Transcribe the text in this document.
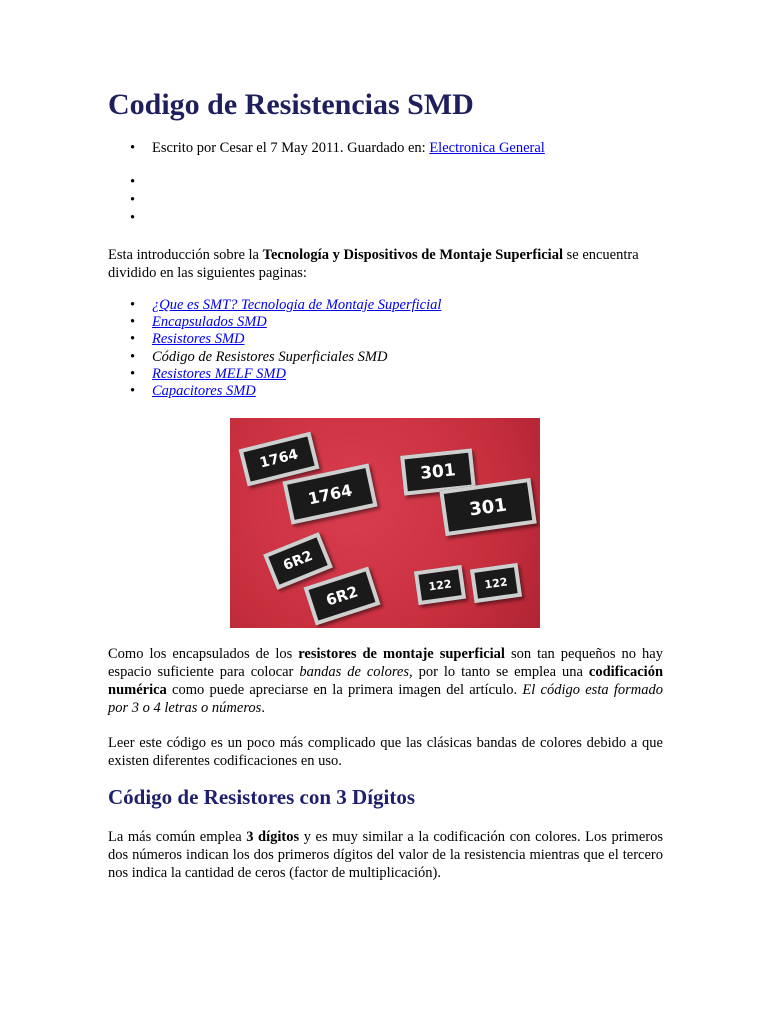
Codigo de Resistencias SMD
• Escrito por Cesar el 7 May 2011. Guardado en: Electronica General
•
•
•

Esta introducción sobre la Tecnología y Dispositivos de Montaje Superficial se encuentra dividido en las siguientes paginas:

• ¿Que es SMT? Tecnologia de Montaje Superficial
• Encapsulados SMD
• Resistores SMD
• Código de Resistores Superficiales SMD
• Resistores MELF SMD
• Capacitores SMD
1764
1764
301
301
6R2
6R2	122	122

Como los encapsulados de los resistores de montaje superficial son tan pequeños no hay espacio suficiente para colocar bandas de colores, por lo tanto se emplea una codificación numérica como puede apreciarse en la primera imagen del artículo. El código esta formado por 3 o 4 letras o números.

Leer este código es un poco más complicado que las clásicas bandas de colores debido a que existen diferentes codificaciones en uso.

Código de Resistores con 3 Dígitos

La más común emplea 3 dígitos y es muy similar a la codificación con colores. Los primeros dos números indican los dos primeros dígitos del valor de la resistencia mientras que el tercero nos indica la cantidad de ceros (factor de multiplicación).
